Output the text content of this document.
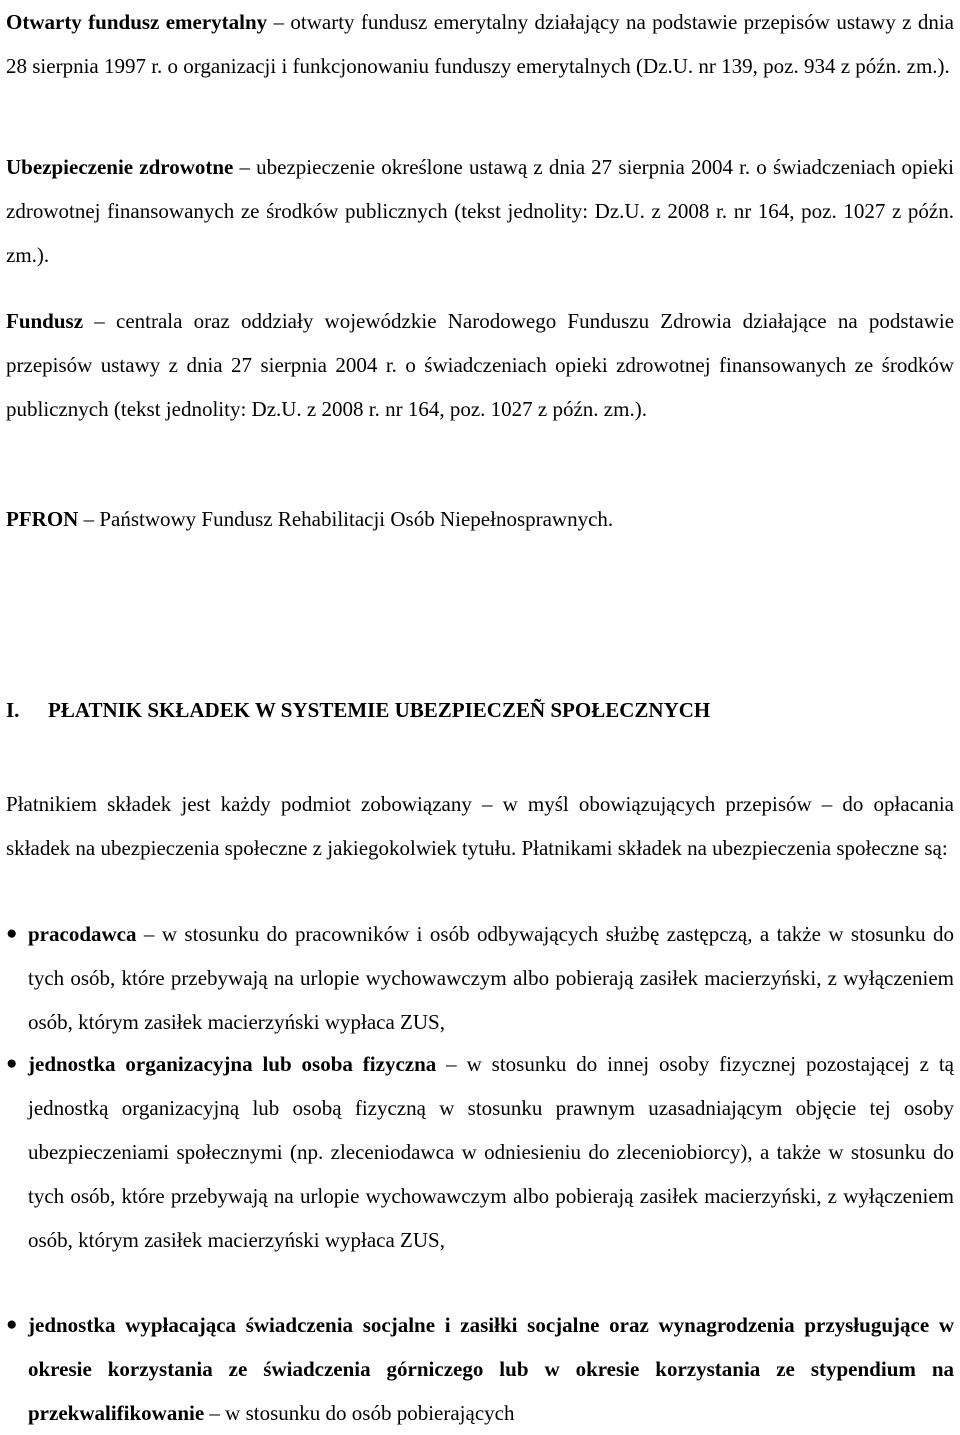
Otwarty fundusz emerytalny – otwarty fundusz emerytalny działający na podstawie przepisów ustawy z dnia 28 sierpnia 1997 r. o organizacji i funkcjonowaniu funduszy emerytalnych (Dz.U. nr 139, poz. 934 z późn. zm.).

Ubezpieczenie zdrowotne – ubezpieczenie określone ustawą z dnia 27 sierpnia 2004 r. o świadczeniach opieki zdrowotnej finansowanych ze środków publicznych (tekst jednolity: Dz.U. z 2008 r. nr 164, poz. 1027 z późn. zm.).

Fundusz – centrala oraz oddziały wojewódzkie Narodowego Funduszu Zdrowia działające na podstawie przepisów ustawy z dnia 27 sierpnia 2004 r. o świadczeniach opieki zdrowotnej finansowanych ze środków publicznych (tekst jednolity: Dz.U. z 2008 r. nr 164, poz. 1027 z późn. zm.).

PFRON – Państwowy Fundusz Rehabilitacji Osób Niepełnosprawnych.

I. PŁATNIK SKŁADEK W SYSTEMIE UBEZPIECZEÑ SPOŁECZNYCH

Płatnikiem składek jest każdy podmiot zobowiązany – w myśl obowiązujących przepisów – do opłacania składek na ubezpieczenia społeczne z jakiegokolwiek tytułu. Płatnikami składek na ubezpieczenia społeczne są:

● pracodawca – w stosunku do pracowników i osób odbywających służbę zastępczą, a także w stosunku do tych osób, które przebywają na urlopie wychowawczym albo pobierają zasiłek macierzyński, z wyłączeniem osób, którym zasiłek macierzyński wypłaca ZUS,
● jednostka organizacyjna lub osoba fizyczna – w stosunku do innej osoby fizycznej pozostającej z tą jednostką organizacyjną lub osobą fizyczną w stosunku prawnym uzasadniającym objęcie tej osoby ubezpieczeniami społecznymi (np. zleceniodawca w odniesieniu do zleceniobiorcy), a także w stosunku do tych osób, które przebywają na urlopie wychowawczym albo pobierają zasiłek macierzyński, z wyłączeniem osób, którym zasiłek macierzyński wypłaca ZUS,
● jednostka wypłacająca świadczenia socjalne i zasiłki socjalne oraz wynagrodzenia przysługujące w okresie korzystania ze świadczenia górniczego lub w okresie korzystania ze stypendium na przekwalifikowanie – w stosunku do osób pobierających
